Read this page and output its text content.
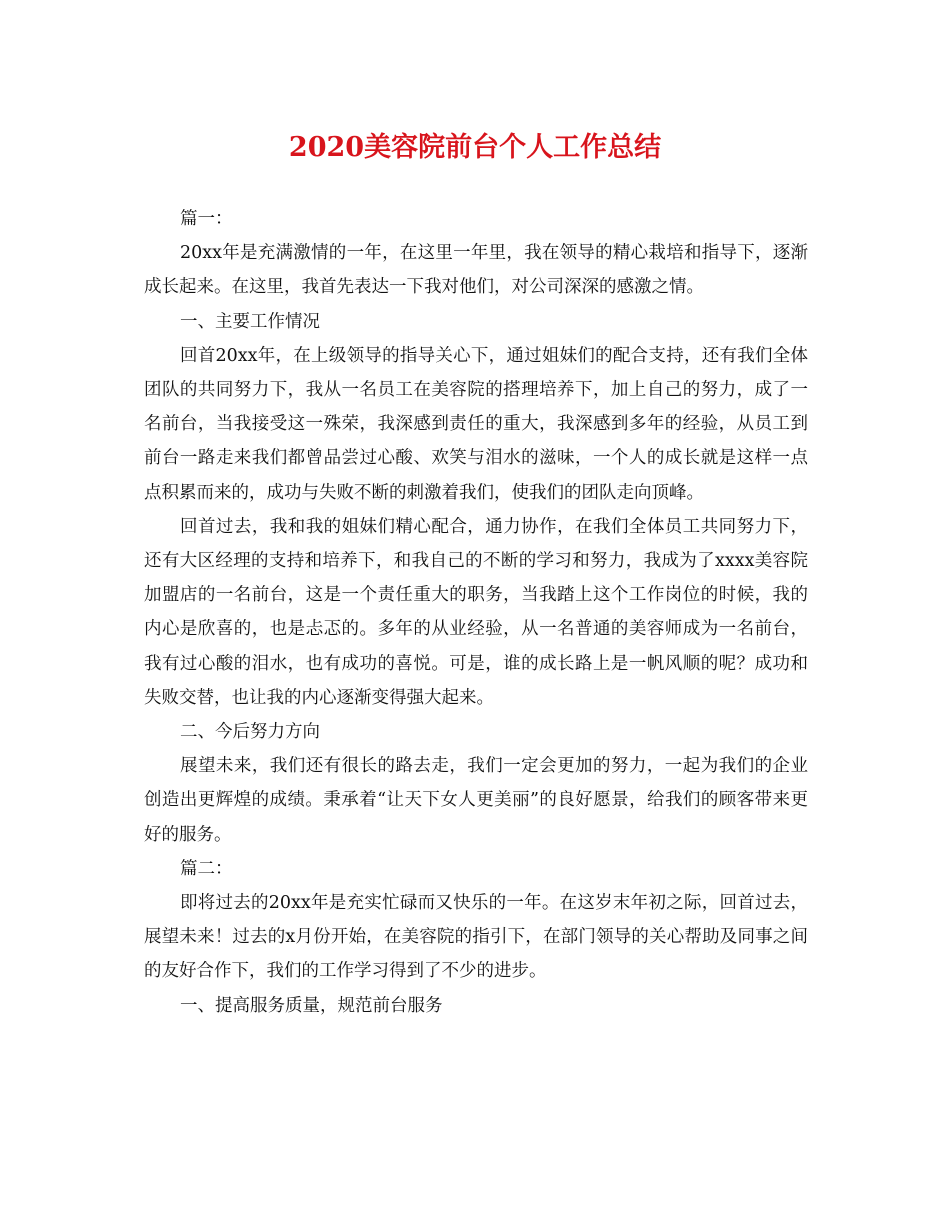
2020美容院前台个人工作总结

篇一：

20xx年是充满激情的一年，在这里一年里，我在领导的精心栽培和指导下，逐渐成长起来。在这里，我首先表达一下我对他们，对公司深深的感激之情。

一、主要工作情况

回首20xx年，在上级领导的指导关心下，通过姐妹们的配合支持，还有我们全体团队的共同努力下，我从一名员工在美容院的搭理培养下，加上自己的努力，成了一名前台，当我接受这一殊荣，我深感到责任的重大，我深感到多年的经验，从员工到前台一路走来我们都曾品尝过心酸、欢笑与泪水的滋味，一个人的成长就是这样一点点积累而来的，成功与失败不断的刺激着我们，使我们的团队走向顶峰。

回首过去，我和我的姐妹们精心配合，通力协作，在我们全体员工共同努力下，还有大区经理的支持和培养下，和我自己的不断的学习和努力，我成为了xxxx美容院加盟店的一名前台，这是一个责任重大的职务，当我踏上这个工作岗位的时候，我的内心是欣喜的，也是忐忑的。多年的从业经验，从一名普通的美容师成为一名前台，我有过心酸的泪水，也有成功的喜悦。可是，谁的成长路上是一帆风顺的呢？成功和失败交替，也让我的内心逐渐变得强大起来。

二、今后努力方向

展望未来，我们还有很长的路去走，我们一定会更加的努力，一起为我们的企业创造出更辉煌的成绩。秉承着“让天下女人更美丽”的良好愿景，给我们的顾客带来更好的服务。

篇二：

即将过去的20xx年是充实忙碌而又快乐的一年。在这岁末年初之际，回首过去，展望未来！过去的x月份开始，在美容院的指引下，在部门领导的关心帮助及同事之间的友好合作下，我们的工作学习得到了不少的进步。

一、提高服务质量，规范前台服务
